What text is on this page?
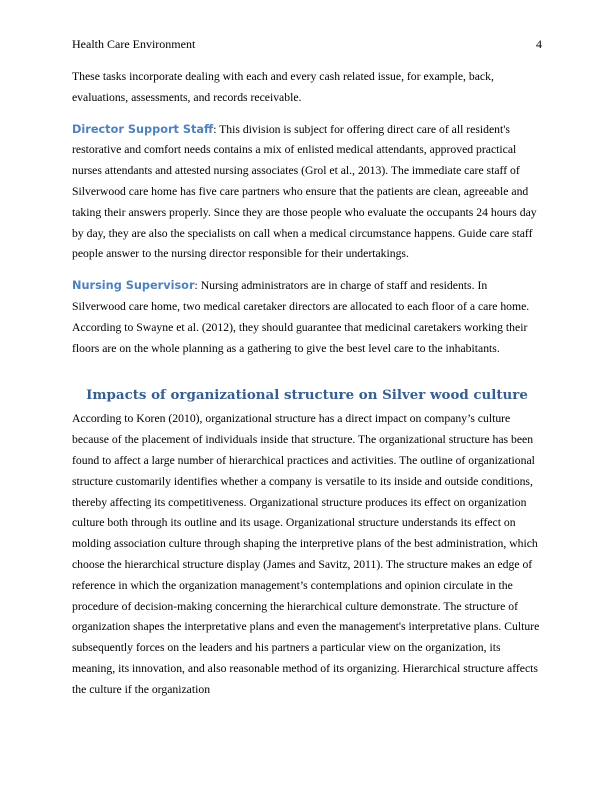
Health Care Environment	4

These tasks incorporate dealing with each and every cash related issue, for example, back, evaluations, assessments, and records receivable.

Director Support Staff: This division is subject for offering direct care of all resident's restorative and comfort needs contains a mix of enlisted medical attendants, approved practical nurses attendants and attested nursing associates (Grol et al., 2013). The immediate care staff of Silverwood care home has five care partners who ensure that the patients are clean, agreeable and taking their answers properly. Since they are those people who evaluate the occupants 24 hours day by day, they are also the specialists on call when a medical circumstance happens. Guide care staff people answer to the nursing director responsible for their undertakings.

Nursing Supervisor: Nursing administrators are in charge of staff and residents. In Silverwood care home, two medical caretaker directors are allocated to each floor of a care home. According to Swayne et al. (2012), they should guarantee that medicinal caretakers working their floors are on the whole planning as a gathering to give the best level care to the inhabitants.

Impacts of organizational structure on Silver wood culture

According to Koren (2010), organizational structure has a direct impact on company’s culture because of the placement of individuals inside that structure. The organizational structure has been found to affect a large number of hierarchical practices and activities. The outline of organizational structure customarily identifies whether a company is versatile to its inside and outside conditions, thereby affecting its competitiveness. Organizational structure produces its effect on organization culture both through its outline and its usage. Organizational structure understands its effect on molding association culture through shaping the interpretive plans of the best administration, which choose the hierarchical structure display (James and Savitz, 2011). The structure makes an edge of reference in which the organization management’s contemplations and opinion circulate in the procedure of decision-making concerning the hierarchical culture demonstrate. The structure of organization shapes the interpretative plans and even the management's interpretative plans. Culture subsequently forces on the leaders and his partners a particular view on the organization, its meaning, its innovation, and also reasonable method of its organizing. Hierarchical structure affects the culture if the organization
